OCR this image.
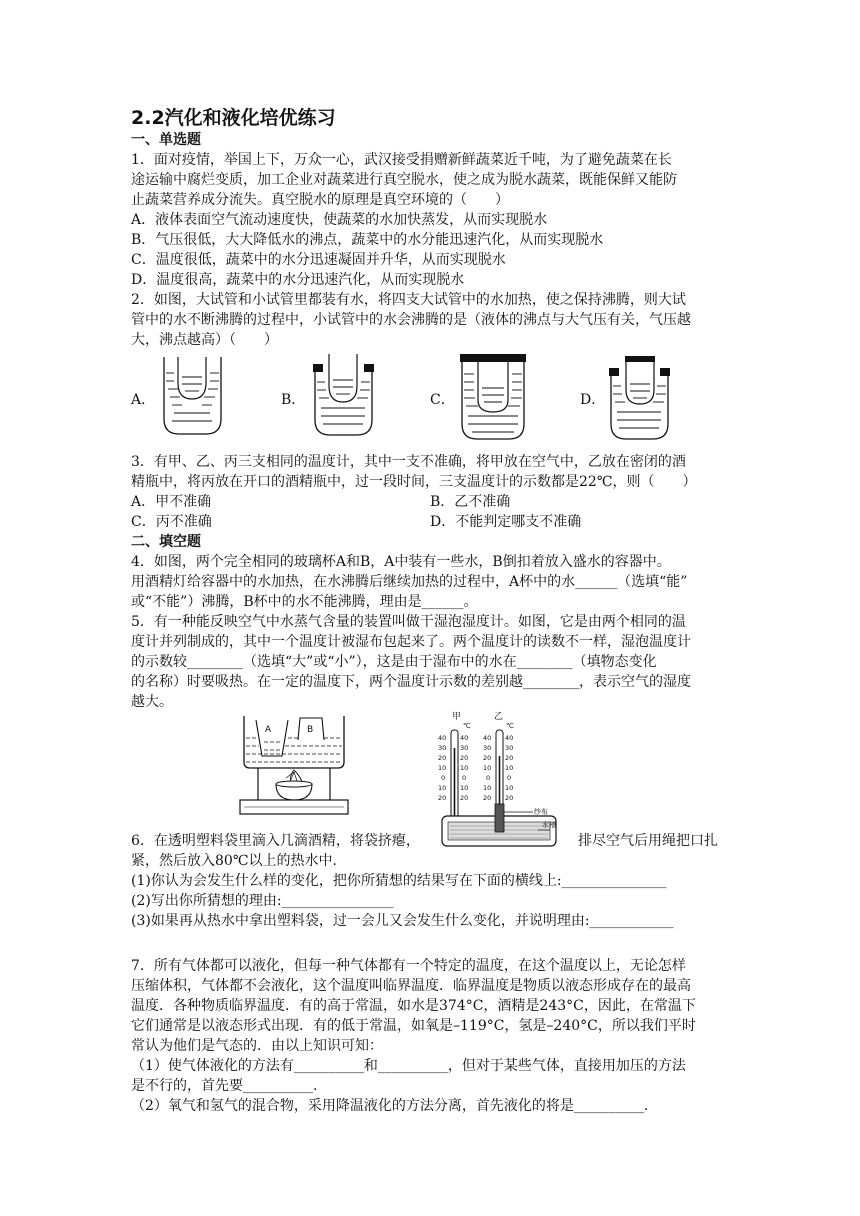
2.2汽化和液化培优练习
一、单选题
1．面对疫情，举国上下，万众一心，武汉接受捐赠新鲜蔬菜近千吨，为了避免蔬菜在长
途运输中腐烂变质，加工企业对蔬菜进行真空脱水，使之成为脱水蔬菜，既能保鲜又能防
止蔬菜营养成分流失。真空脱水的原理是真空环境的（　　）
A．液体表面空气流动速度快，使蔬菜的水加快蒸发，从而实现脱水
B．气压很低，大大降低水的沸点，蔬菜中的水分能迅速汽化，从而实现脱水
C．温度很低，蔬菜中的水分迅速凝固并升华，从而实现脱水
D．温度很高，蔬菜中的水分迅速汽化，从而实现脱水
2．如图，大试管和小试管里都装有水，将四支大试管中的水加热，使之保持沸腾，则大试
管中的水不断沸腾的过程中，小试管中的水会沸腾的是（液体的沸点与大气压有关，气压越
大，沸点越高）（　　）
A．	B．	C．	D．
3．有甲、乙、丙三支相同的温度计，其中一支不准确，将甲放在空气中，乙放在密闭的酒
精瓶中，将丙放在开口的酒精瓶中，过一段时间，三支温度计的示数都是22℃，则（　　）
A．甲不准确	B．乙不准确
C．丙不准确	D．不能判定哪支不准确
二、填空题
4．如图，两个完全相同的玻璃杯A和B，A中装有一些水，B倒扣着放入盛水的容器中。
用酒精灯给容器中的水加热，在水沸腾后继续加热的过程中，A杯中的水______（选填“能”
或“不能”）沸腾，B杯中的水不能沸腾，理由是______。
5．有一种能反映空气中水蒸气含量的装置叫做干湿泡湿度计。如图，它是由两个相同的温
度计并列制成的，其中一个温度计被湿布包起来了。两个温度计的读数不一样，湿泡温度计
的示数较________（选填“大”或“小”），这是由于湿布中的水在________（填物态变化
的名称）时要吸热。在一定的温度下，两个温度计示数的差别越________，表示空气的湿度
越大。
A	B
甲
℃
乙
℃
40
30
20
10
0
10
20
40
30
20
10
0
10
20
40
30
20
10
0
10
20
40
30
20
10
0
10
20
纱布
水槽
6．在透明塑料袋里滴入几滴酒精，将袋挤瘪，	排尽空气后用绳把口扎
紧，然后放入80℃以上的热水中.
(1)你认为会发生什么样的变化，把你所猜想的结果写在下面的横线上:_______________
(2)写出你所猜想的理由:________________
(3)如果再从热水中拿出塑料袋，过一会儿又会发生什么变化，并说明理由:____________
7．所有气体都可以液化，但每一种气体都有一个特定的温度，在这个温度以上，无论怎样
压缩体积，气体都不会液化，这个温度叫临界温度．临界温度是物质以液态形成存在的最高
温度．各种物质临界温度．有的高于常温，如水是374°C，酒精是243°C，因此，在常温下
它们通常是以液态形式出现．有的低于常温，如氧是–119°C，氢是–240°C，所以我们平时
常认为他们是气态的．由以上知识可知：
（1）使气体液化的方法有__________和__________，但对于某些气体，直接用加压的方法
是不行的，首先要__________.
（2）氧气和氢气的混合物，采用降温液化的方法分离，首先液化的将是__________.
